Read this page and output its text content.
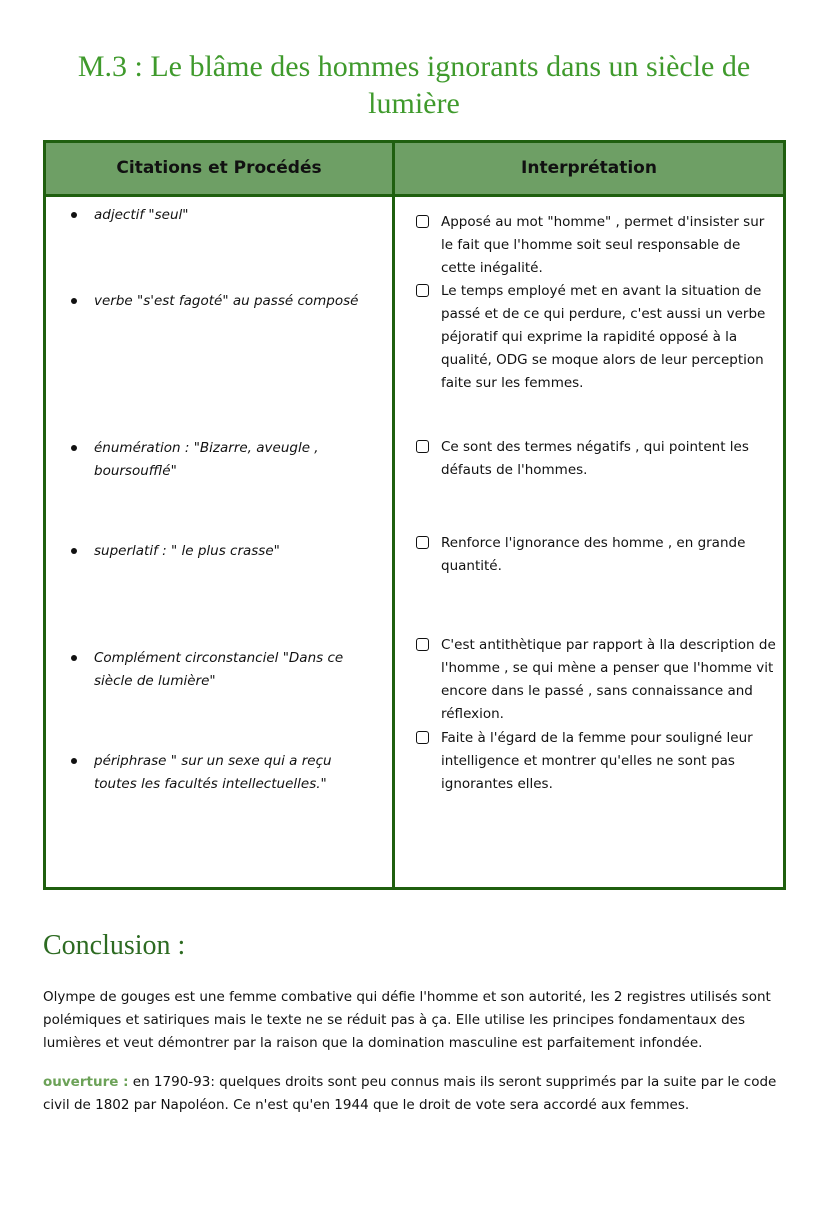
M.3 : Le blâme des hommes ignorants dans un siècle de lumière
Citations et Procédés	Interprétation
adjectif "seul"
verbe "s'est fagoté" au passé composé
énumération : "Bizarre, aveugle , boursoufflé"
superlatif : " le plus crasse"
Complément circonstanciel "Dans ce siècle de lumière"
périphrase " sur un sexe qui a reçu toutes les facultés intellectuelles."
Apposé au mot "homme" , permet d'insister sur le fait que l'homme soit seul responsable de cette inégalité.
Le temps employé met en avant la situation de passé et de ce qui perdure, c'est aussi un verbe péjoratif qui exprime la rapidité opposé à la qualité, ODG se moque alors de leur perception faite sur les femmes.
Ce sont des termes négatifs , qui pointent les défauts de l'hommes.
Renforce l'ignorance des homme , en grande quantité.
C'est antithètique par rapport à lla description de l'homme , se qui mène a penser que l'homme vit encore dans le passé , sans connaissance and réflexion.
Faite à l'égard de la femme pour souligné leur intelligence et montrer qu'elles ne sont pas ignorantes elles.
Conclusion :
Olympe de gouges est une femme combative qui défie l'homme et son autorité, les 2 registres utilisés sont polémiques et satiriques mais le texte ne se réduit pas à ça. Elle utilise les principes fondamentaux des lumières et veut démontrer par la raison que la domination masculine est parfaitement infondée.
ouverture : en 1790-93: quelques droits sont peu connus mais ils seront supprimés par la suite par le code civil de 1802 par Napoléon. Ce n'est qu'en 1944 que le droit de vote sera accordé aux femmes.
